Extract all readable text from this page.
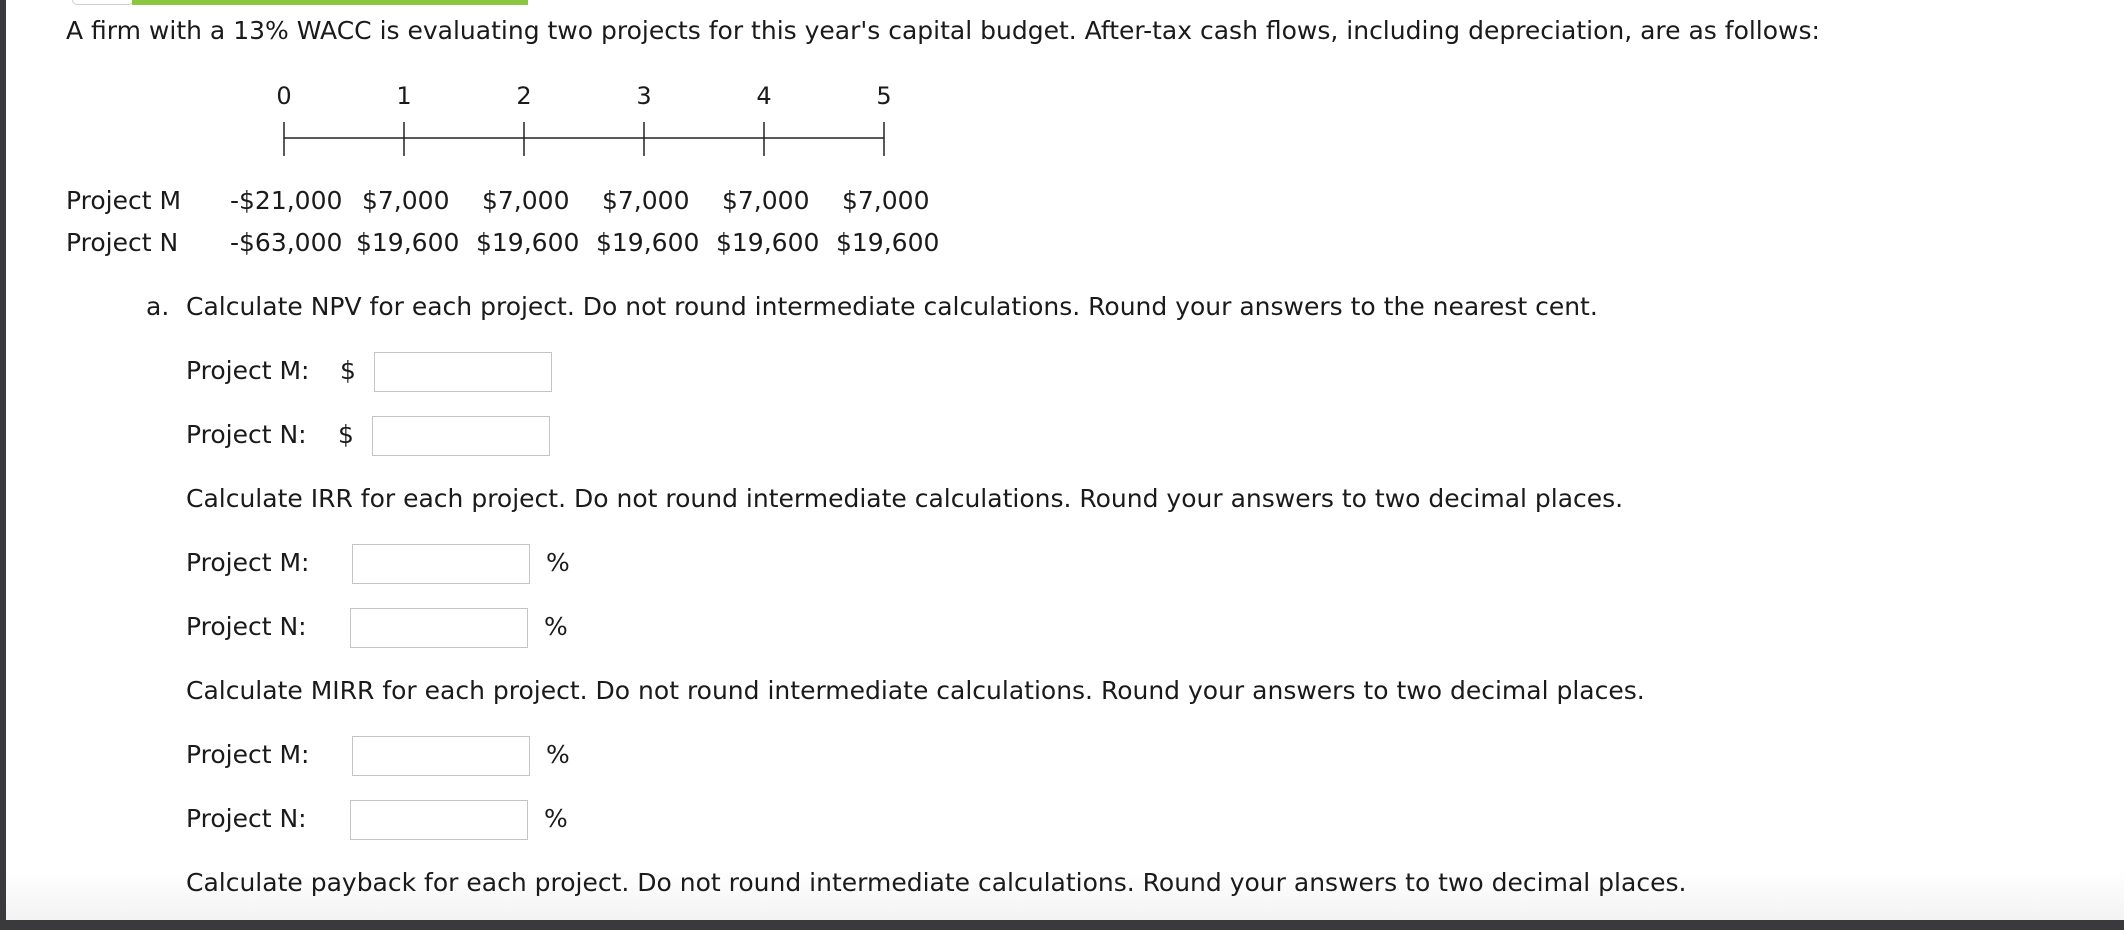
A firm with a 13% WACC is evaluating two projects for this year's capital budget. After-tax cash flows, including depreciation, are as follows:
0	1	2	3	4	5
Project M -$21,000 $7,000 $7,000 $7,000 $7,000 $7,000
Project N -$63,000 $19,600 $19,600 $19,600 $19,600 $19,600
a. Calculate NPV for each project. Do not round intermediate calculations. Round your answers to the nearest cent.
Project M: $
Project N: $
Calculate IRR for each project. Do not round intermediate calculations. Round your answers to two decimal places.
Project M:	%
Project N:	%
Calculate MIRR for each project. Do not round intermediate calculations. Round your answers to two decimal places.
Project M:	%
Project N:	%
Calculate payback for each project. Do not round intermediate calculations. Round your answers to two decimal places.
